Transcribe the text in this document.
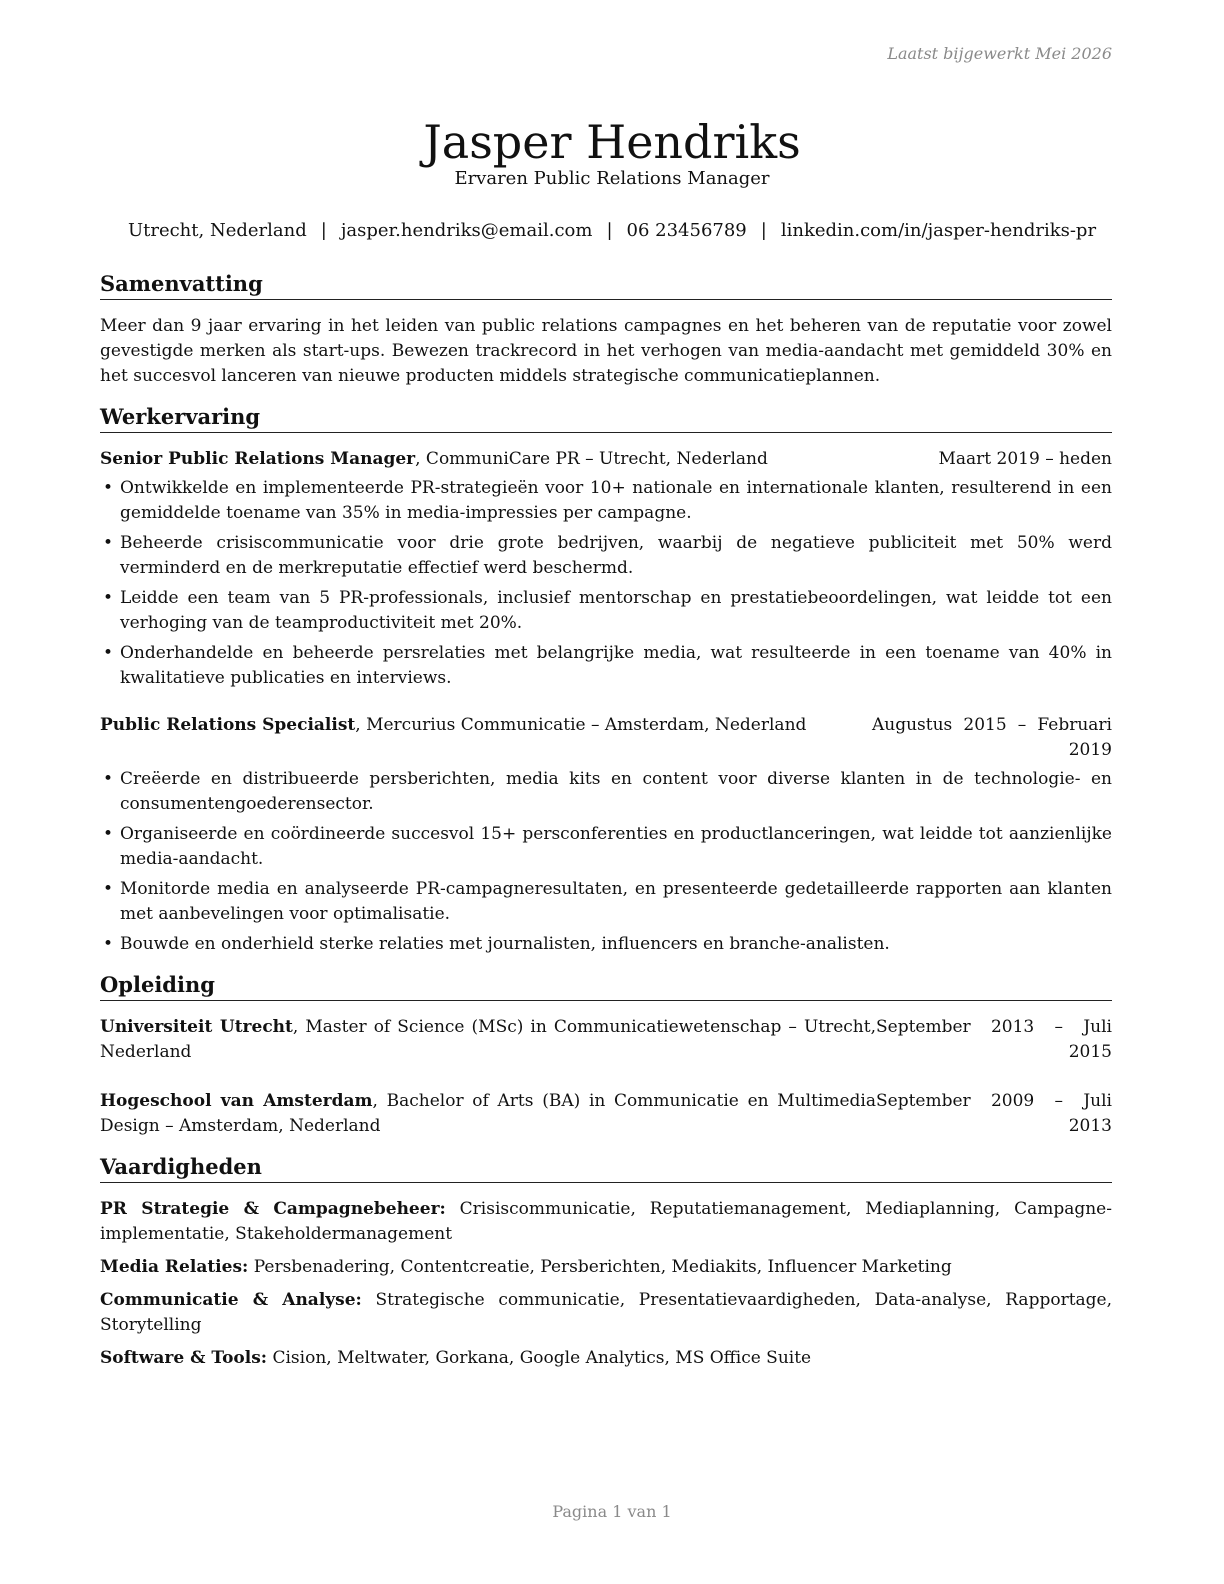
Laatst bijgewerkt Mei 2026
Jasper Hendriks
Ervaren Public Relations Manager
Utrecht, Nederland | jasper.hendriks@email.com | 06 23456789 | linkedin.com/in/jasper-hendriks-pr
Samenvatting
Meer dan 9 jaar ervaring in het leiden van public relations campagnes en het beheren van de reputatie voor zowel gevestigde merken als start-ups. Bewezen trackrecord in het verhogen van media-aandacht met gemiddeld 30% en het succesvol lanceren van nieuwe producten middels strategische communicatieplannen.
Werkervaring
Senior Public Relations Manager, CommuniCare PR – Utrecht, Nederland	Maart 2019 – heden
• Ontwikkelde en implementeerde PR-strategieën voor 10+ nationale en internationale klanten, resulterend in een gemiddelde toename van 35% in media-impressies per campagne.
• Beheerde crisiscommunicatie voor drie grote bedrijven, waarbij de negatieve publiciteit met 50% werd verminderd en de merkreputatie effectief werd beschermd.
• Leidde een team van 5 PR-professionals, inclusief mentorschap en prestatiebeoordelingen, wat leidde tot een verhoging van de teamproductiviteit met 20%.
• Onderhandelde en beheerde persrelaties met belangrijke media, wat resulteerde in een toename van 40% in kwalitatieve publicaties en interviews.
Public Relations Specialist, Mercurius Communicatie – Amsterdam, Nederland	Augustus 2015 – Februari 2019
• Creëerde en distribueerde persberichten, media kits en content voor diverse klanten in de technologie- en consumentengoederensector.
• Organiseerde en coördineerde succesvol 15+ persconferenties en productlanceringen, wat leidde tot aanzienlijke media-aandacht.
• Monitorde media en analyseerde PR-campagneresultaten, en presenteerde gedetailleerde rapporten aan klanten met aanbevelingen voor optimalisatie.
• Bouwde en onderhield sterke relaties met journalisten, influencers en branche-analisten.
Opleiding
Universiteit Utrecht, Master of Science (MSc) in Communicatiewetenschap – Utrecht, Nederland
September 2013 – Juli 2015
Hogeschool van Amsterdam, Bachelor of Arts (BA) in Communicatie en Multimedia Design – Amsterdam, Nederland
September 2009 – Juli 2013
Vaardigheden
PR Strategie & Campagnebeheer: Crisiscommunicatie, Reputatiemanagement, Mediaplanning, Campagne-implementatie, Stakeholdermanagement
Media Relaties: Persbenadering, Contentcreatie, Persberichten, Mediakits, Influencer Marketing
Communicatie & Analyse: Strategische communicatie, Presentatievaardigheden, Data-analyse, Rapportage, Storytelling
Software & Tools: Cision, Meltwater, Gorkana, Google Analytics, MS Office Suite
Pagina 1 van 1
